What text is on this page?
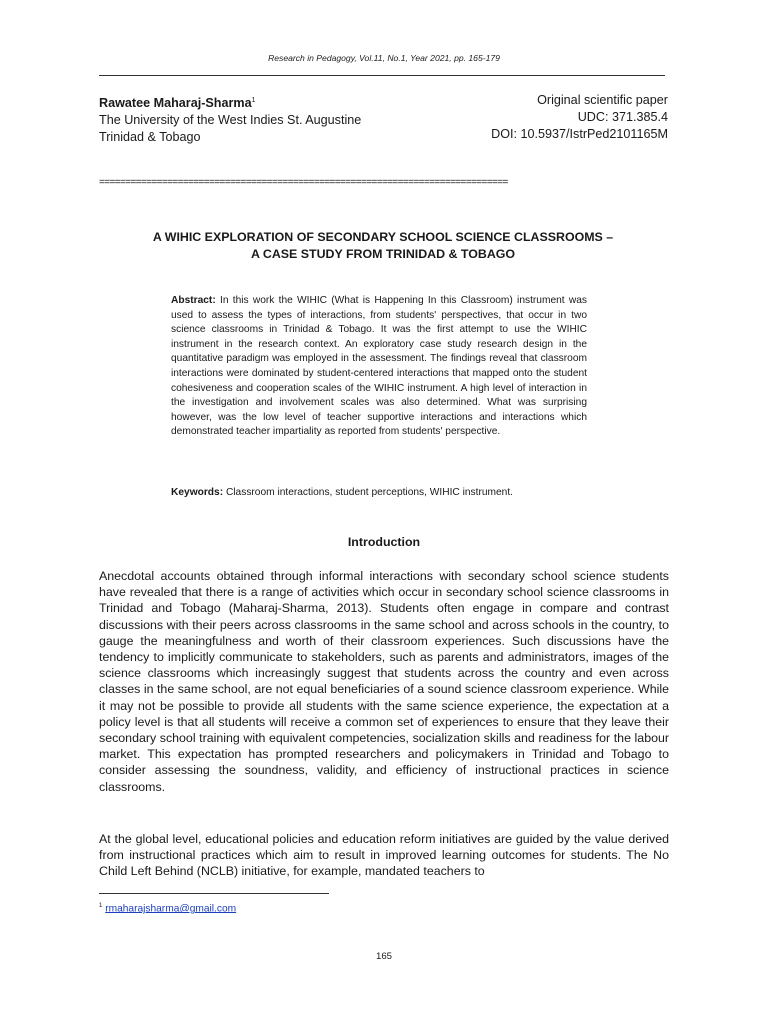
Research in Pedagogy, Vol.11, No.1, Year 2021, pp. 165-179
Rawatee Maharaj-Sharma$^1$
The University of the West Indies St. Augustine
Trinidad & Tobago
Original scientific paper
UDC: 371.385.4
DOI: 10.5937/IstrPed2101165M
==============================================================================
A WIHIC EXPLORATION OF SECONDARY SCHOOL SCIENCE CLASSROOMS –
A CASE STUDY FROM TRINIDAD & TOBAGO
Abstract: In this work the WIHIC (What is Happening In this Classroom) instrument was used to assess the types of interactions, from students' perspectives, that occur in two science classrooms in Trinidad & Tobago. It was the first attempt to use the WIHIC instrument in the research context. An exploratory case study research design in the quantitative paradigm was employed in the assessment. The findings reveal that classroom interactions were dominated by student-centered interactions that mapped onto the student cohesiveness and cooperation scales of the WIHIC instrument. A high level of interaction in the investigation and involvement scales was also determined. What was surprising however, was the low level of teacher supportive interactions and interactions which demonstrated teacher impartiality as reported from students' perspective.
Keywords: Classroom interactions, student perceptions, WIHIC instrument.
Introduction
Anecdotal accounts obtained through informal interactions with secondary school science students have revealed that there is a range of activities which occur in secondary school science classrooms in Trinidad and Tobago (Maharaj-Sharma, 2013). Students often engage in compare and contrast discussions with their peers across classrooms in the same school and across schools in the country, to gauge the meaningfulness and worth of their classroom experiences. Such discussions have the tendency to implicitly communicate to stakeholders, such as parents and administrators, images of the science classrooms which increasingly suggest that students across the country and even across classes in the same school, are not equal beneficiaries of a sound science classroom experience. While it may not be possible to provide all students with the same science experience, the expectation at a policy level is that all students will receive a common set of experiences to ensure that they leave their secondary school training with equivalent competencies, socialization skills and readiness for the labour market. This expectation has prompted researchers and policymakers in Trinidad and Tobago to consider assessing the soundness, validity, and efficiency of instructional practices in science classrooms.
At the global level, educational policies and education reform initiatives are guided by the value derived from instructional practices which aim to result in improved learning outcomes for students. The No Child Left Behind (NCLB) initiative, for example, mandated teachers to
$^1$ rmaharajsharma@gmail.com
165
